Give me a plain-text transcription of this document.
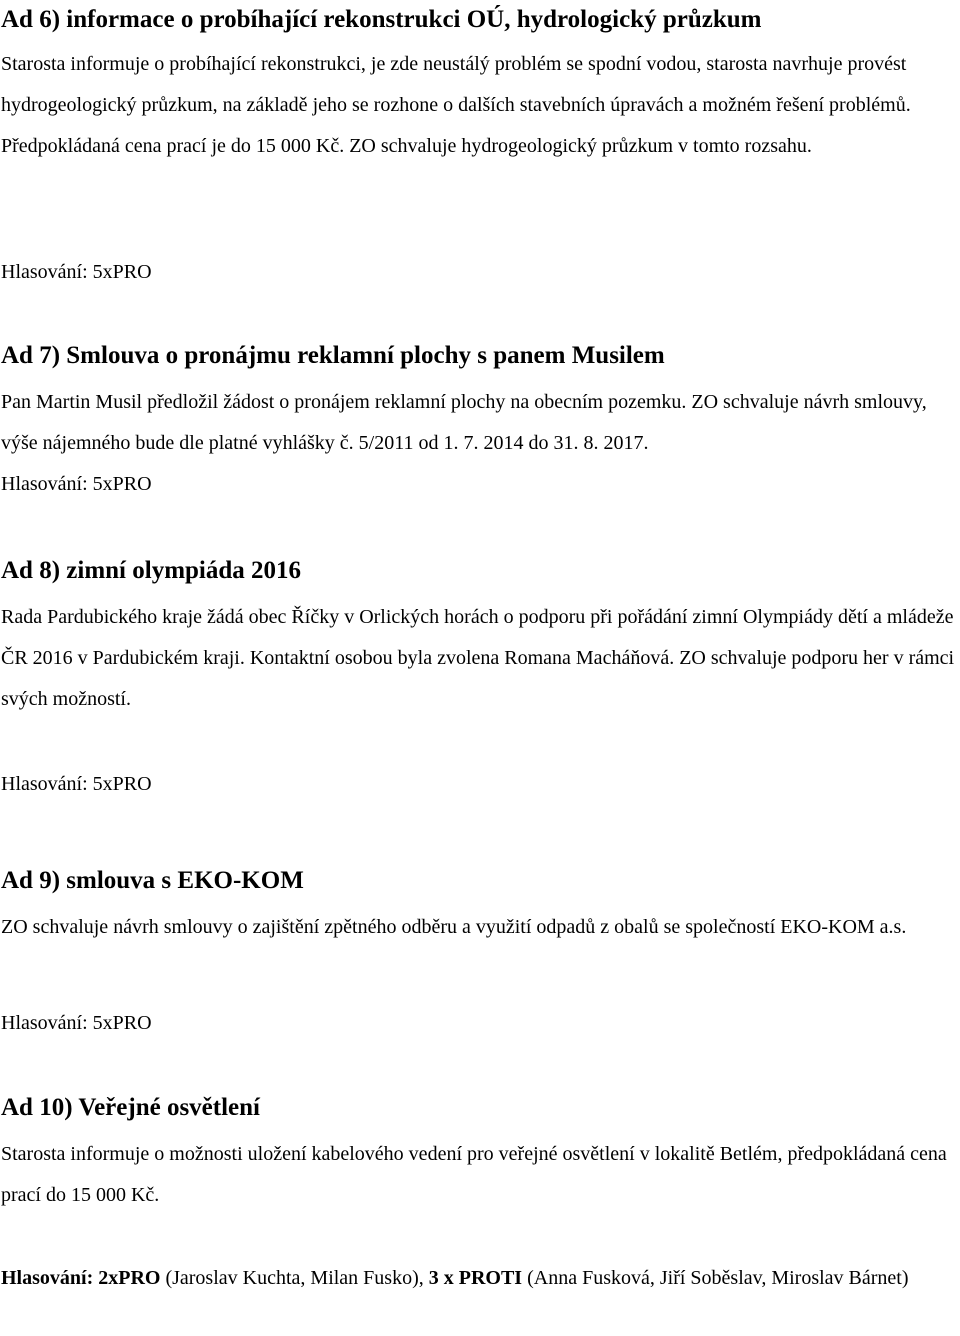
Ad 6) informace o probíhající rekonstrukci OÚ, hydrologický průzkum

Starosta informuje o probíhající rekonstrukci, je zde neustálý problém se spodní vodou, starosta navrhuje provést hydrogeologický průzkum, na základě jeho se rozhone o dalších stavebních úpravách a možném řešení problémů. Předpokládaná cena prací je do 15 000 Kč. ZO schvaluje hydrogeologický průzkum v tomto rozsahu.

Hlasování: 5xPRO

Ad 7) Smlouva o pronájmu reklamní plochy s panem Musilem

Pan Martin Musil předložil žádost o pronájem reklamní plochy na obecním pozemku. ZO schvaluje návrh smlouvy, výše nájemného bude dle platné vyhlášky č. 5/2011 od 1. 7. 2014 do 31. 8. 2017.

Hlasování: 5xPRO

Ad 8) zimní olympiáda 2016

Rada Pardubického kraje žádá obec Říčky v Orlických horách o podporu při pořádání zimní Olympiády dětí a mládeže ČR 2016 v Pardubickém kraji. Kontaktní osobou byla zvolena Romana Macháňová. ZO schvaluje podporu her v rámci svých možností.

Hlasování: 5xPRO

Ad 9) smlouva s EKO-KOM

ZO schvaluje návrh smlouvy o zajištění zpětného odběru a využití odpadů z obalů se společností EKO-KOM a.s.

Hlasování: 5xPRO

Ad 10) Veřejné osvětlení

Starosta informuje o možnosti uložení kabelového vedení pro veřejné osvětlení v lokalitě Betlém, předpokládaná cena prací do 15 000 Kč.

Hlasování: 2xPRO (Jaroslav Kuchta, Milan Fusko), 3 x PROTI (Anna Fusková, Jiří Soběslav, Miroslav Bárnet)
